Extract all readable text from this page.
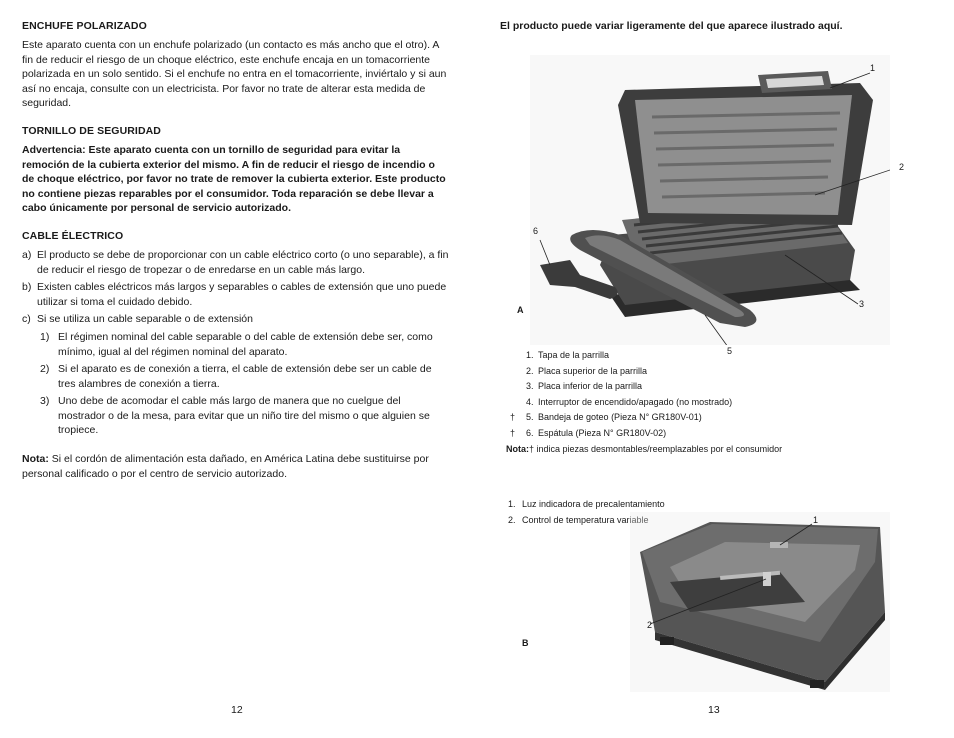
ENCHUFE POLARIZADO

Este aparato cuenta con un enchufe polarizado (un contacto es más ancho que el otro). A fin de reducir el riesgo de un choque eléctrico, este enchufe encaja en un tomacorriente polarizada en un solo sentido. Si el enchufe no entra en el tomacorriente, inviértalo y si aun así no encaja, consulte con un electricista. Por favor no trate de alterar esta medida de seguridad.

TORNILLO DE SEGURIDAD

Advertencia: Este aparato cuenta con un tornillo de seguridad para evitar la remoción de la cubierta exterior del mismo. A fin de reducir el riesgo de incendio o de choque eléctrico, por favor no trate de remover la cubierta exterior. Este producto no contiene piezas reparables por el consumidor. Toda reparación se debe llevar a cabo únicamente por personal de servicio autorizado.

CABLE ÉLECTRICO
a) El producto se debe de proporcionar con un cable eléctrico corto (o uno separable), a fin de reducir el riesgo de tropezar o de enredarse en un cable más largo.
b) Existen cables eléctricos más largos y separables o cables de extensión que uno puede utilizar si toma el cuidado debido.
c) Si se utiliza un cable separable o de extensión
1) El régimen nominal del cable separable o del cable de extensión debe ser, como mínimo, igual al del régimen nominal del aparato.
2) Si el aparato es de conexión a tierra, el cable de extensión debe ser un cable de tres alambres de conexión a tierra.
3) Uno debe de acomodar el cable más largo de manera que no cuelgue del mostrador o de la mesa, para evitar que un niño tire del mismo o que alguien se tropiece.

Nota: Si el cordón de alimentación esta dañado, en América Latina debe sustituirse por personal calificado o por el centro de servicio autorizado.

12
El producto puede variar ligeramente del que aparece ilustrado aquí.
1
2
3
5
6
A
1. Tapa de la parrilla
2. Placa superior de la parrilla
3. Placa inferior de la parrilla
4. Interruptor de encendido/apagado (no mostrado)
†	5. Bandeja de goteo (Pieza N° GR180V-01)
†	6. Espátula (Pieza N° GR180V-02)
Nota: † indica piezas desmontables/reemplazables por el consumidor
1. Luz indicadora de precalentamiento
2. Control de temperatura variable	1
2
B
13
